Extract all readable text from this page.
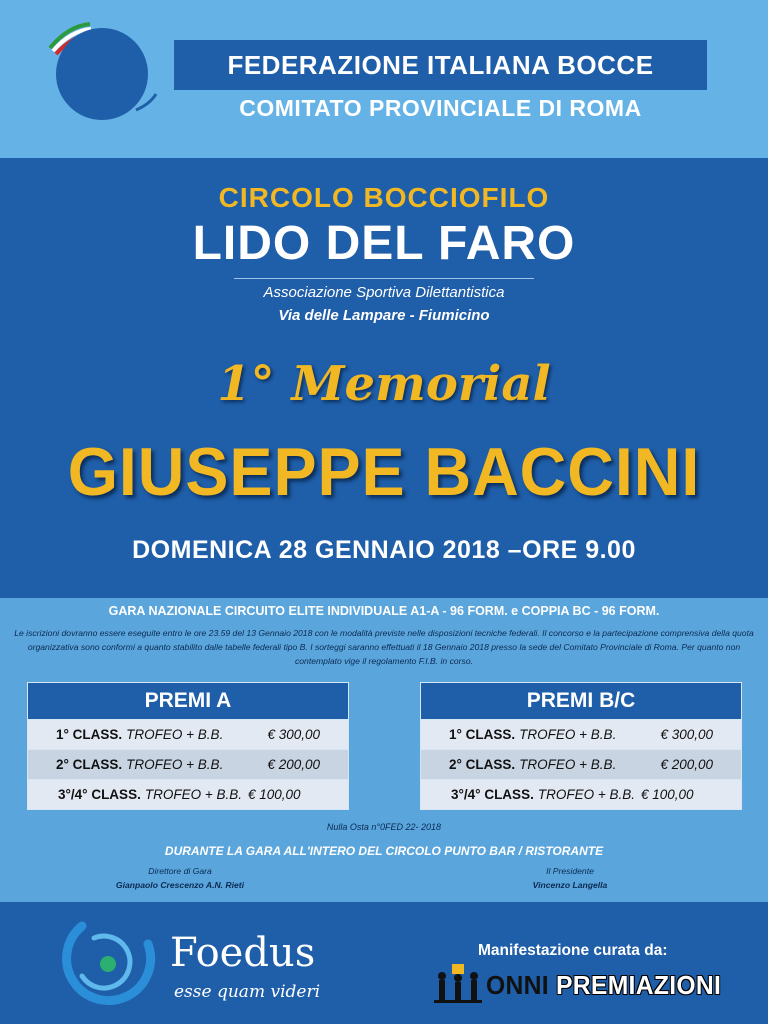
FEDERAZIONE ITALIANA BOCCE
COMITATO PROVINCIALE DI ROMA
CIRCOLO BOCCIOFILO
LIDO DEL FARO
Associazione Sportiva Dilettantistica
Via delle Lampare - Fiumicino
1° Memorial
GIUSEPPE BACCINI
DOMENICA 28 GENNAIO 2018 –ORE 9.00
GARA NAZIONALE CIRCUITO ELITE INDIVIDUALE A1-A - 96 FORM. e COPPIA BC - 96 FORM.
Le iscrizioni dovranno essere eseguite entro le ore 23.59 del 13 Gennaio 2018 con le modalità previste nelle disposizioni tecniche federali. Il concorso e la partecipazione comprensiva della quota organizzativa sono conformi a quanto stabilito dalle tabelle federali tipo B. I sorteggi saranno effettuati il 18 Gennaio 2018 presso la sede del Comitato Provinciale di Roma. Per quanto non contemplato vige il regolamento F.I.B. in corso.
PREMI A
1° CLASS. TROFEO + B.B.	€ 300,00
2° CLASS. TROFEO + B.B.	€ 200,00
3°/4° CLASS. TROFEO + B.B. € 100,00
PREMI B/C
1° CLASS. TROFEO + B.B.	€ 300,00
2° CLASS. TROFEO + B.B.	€ 200,00
3°/4° CLASS. TROFEO + B.B. € 100,00
Nulla Osta n°0FED 22- 2018
DURANTE LA GARA ALL'INTERO DEL CIRCOLO PUNTO BAR / RISTORANTE
Direttore di Gara
Gianpaolo Crescenzo A.N. Rieti
Il Presidente
Vincenzo Langella
Foedus
esse quam videri
Manifestazione curata da:
ONNI PREMIAZIONI
